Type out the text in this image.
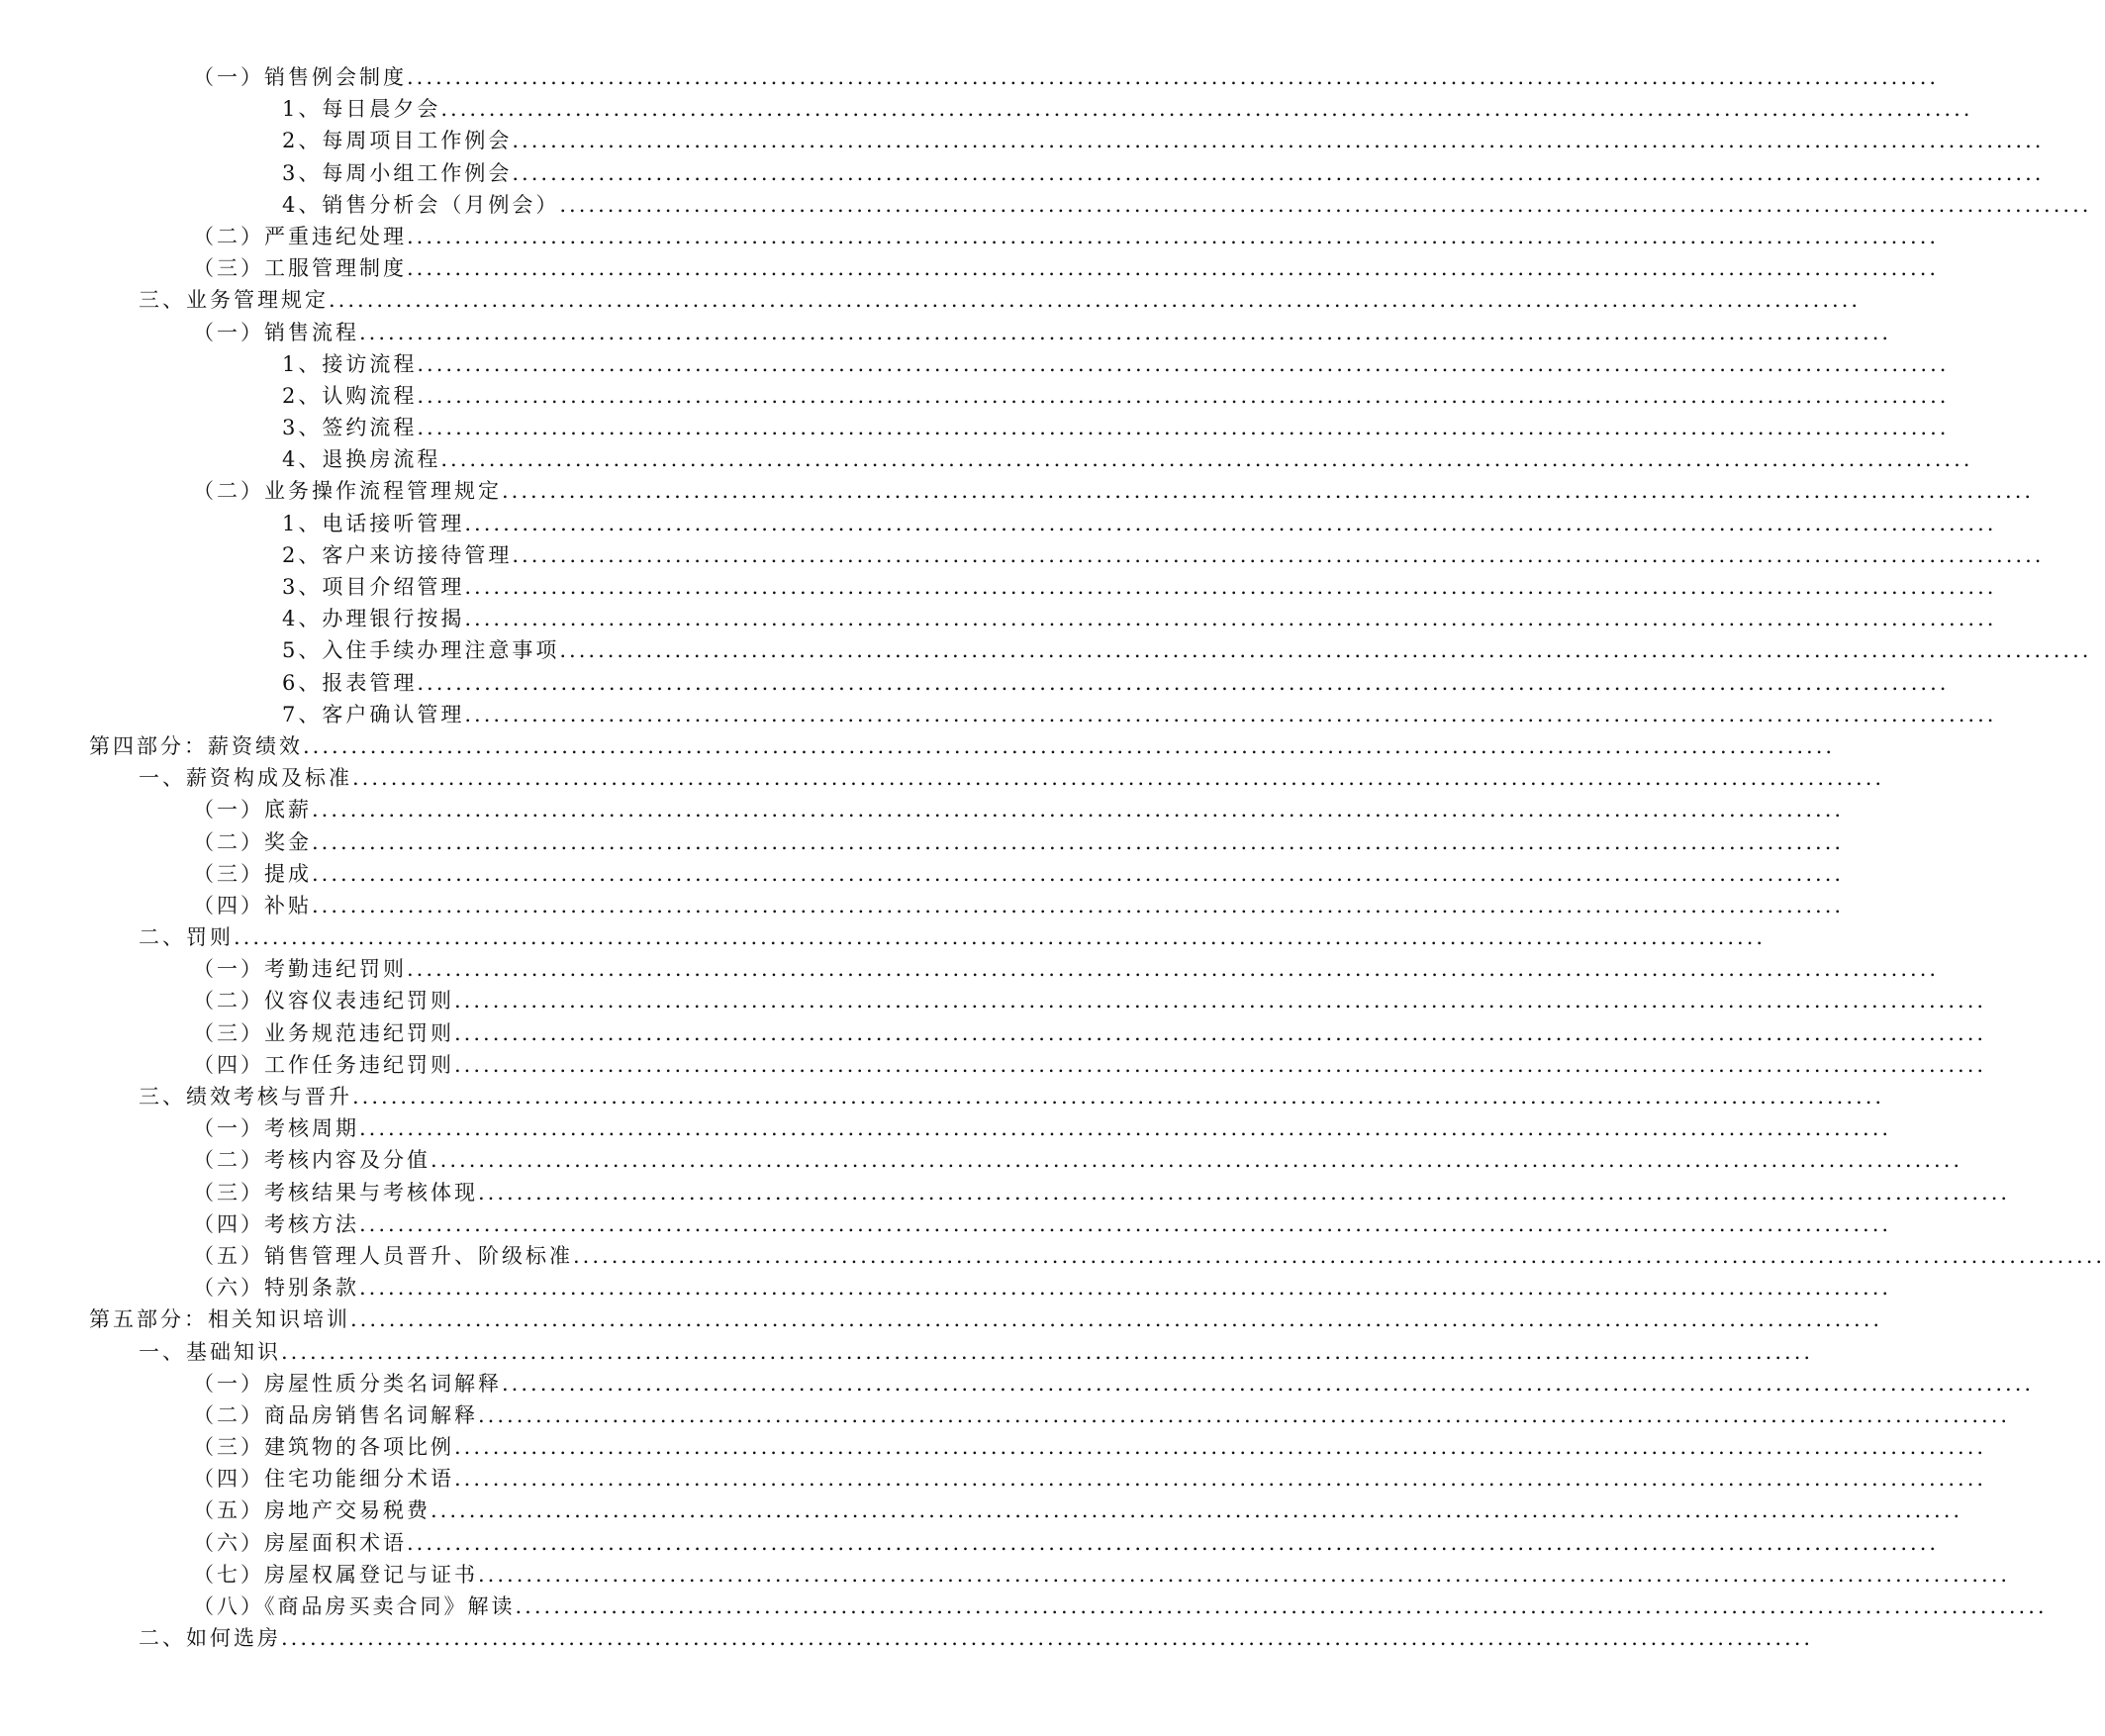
（一）销售例会制度................................................................................................................................................................
1、每日晨夕会................................................................................................................................................................
2、每周项目工作例会................................................................................................................................................................
3、每周小组工作例会................................................................................................................................................................
4、销售分析会（月例会）................................................................................................................................................................
（二）严重违纪处理................................................................................................................................................................
（三）工服管理制度................................................................................................................................................................
三、业务管理规定................................................................................................................................................................
（一）销售流程................................................................................................................................................................
1、接访流程................................................................................................................................................................
2、认购流程................................................................................................................................................................
3、签约流程................................................................................................................................................................
4、退换房流程................................................................................................................................................................
（二）业务操作流程管理规定................................................................................................................................................................
1、电话接听管理................................................................................................................................................................
2、客户来访接待管理................................................................................................................................................................
3、项目介绍管理................................................................................................................................................................
4、办理银行按揭................................................................................................................................................................
5、入住手续办理注意事项................................................................................................................................................................
6、报表管理................................................................................................................................................................
7、客户确认管理................................................................................................................................................................
第四部分：薪资绩效................................................................................................................................................................
一、薪资构成及标准................................................................................................................................................................
（一）底薪................................................................................................................................................................
（二）奖金................................................................................................................................................................
（三）提成................................................................................................................................................................
（四）补贴................................................................................................................................................................
二、罚则................................................................................................................................................................
（一）考勤违纪罚则................................................................................................................................................................
（二）仪容仪表违纪罚则................................................................................................................................................................
（三）业务规范违纪罚则................................................................................................................................................................
（四）工作任务违纪罚则................................................................................................................................................................
三、绩效考核与晋升................................................................................................................................................................
（一）考核周期................................................................................................................................................................
（二）考核内容及分值................................................................................................................................................................
（三）考核结果与考核体现................................................................................................................................................................
（四）考核方法................................................................................................................................................................
（五）销售管理人员晋升、阶级标准................................................................................................................................................................
（六）特别条款................................................................................................................................................................
第五部分：相关知识培训................................................................................................................................................................
一、基础知识................................................................................................................................................................
（一）房屋性质分类名词解释................................................................................................................................................................
（二）商品房销售名词解释................................................................................................................................................................
（三）建筑物的各项比例................................................................................................................................................................
（四）住宅功能细分术语................................................................................................................................................................
（五）房地产交易税费................................................................................................................................................................
（六）房屋面积术语................................................................................................................................................................
（七）房屋权属登记与证书................................................................................................................................................................
（八）《商品房买卖合同》解读................................................................................................................................................................
二、如何选房................................................................................................................................................................
